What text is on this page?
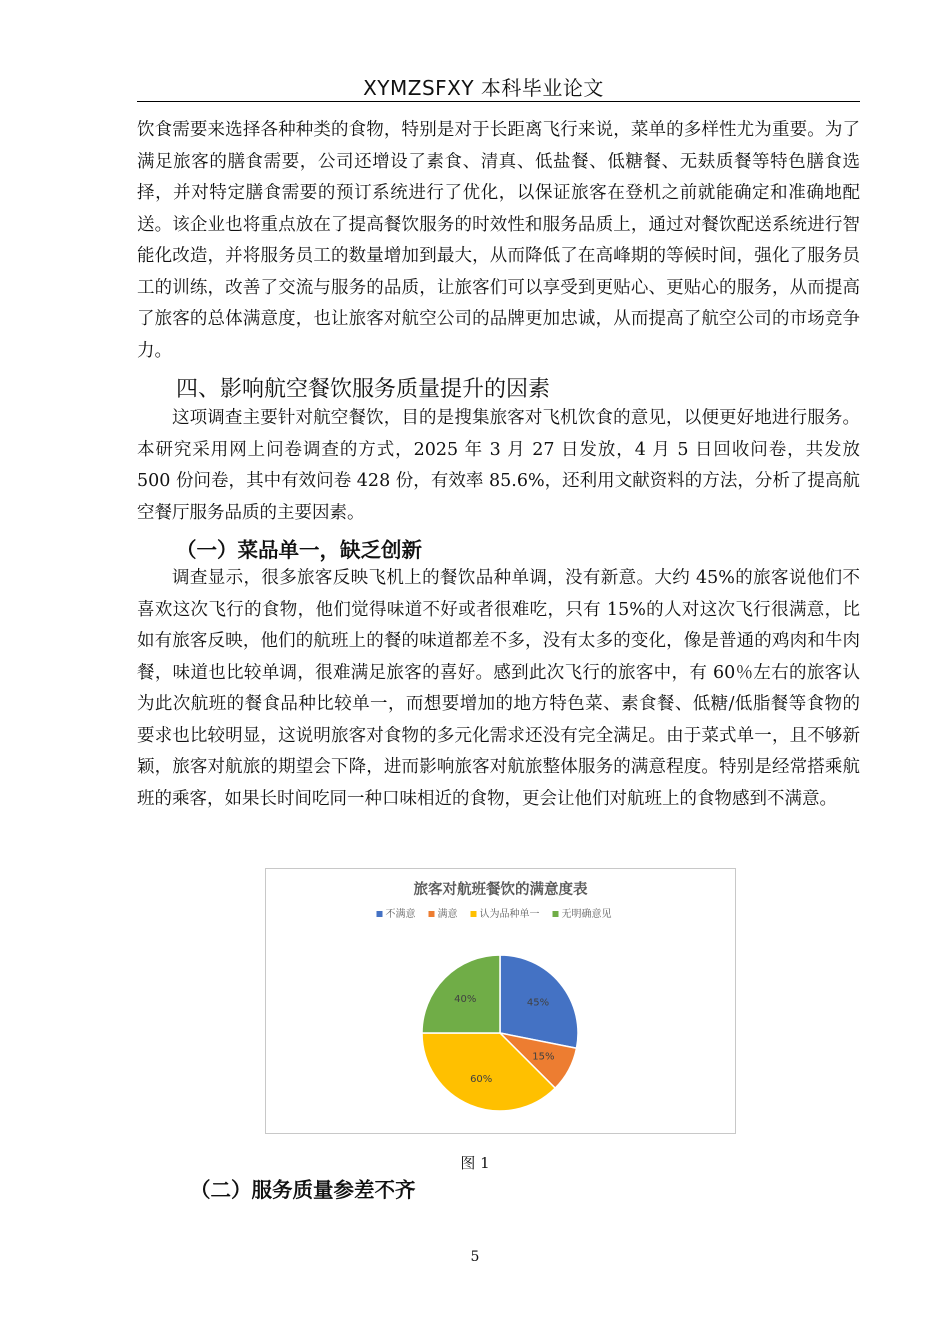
XYMZSFXY 本科毕业论文

饮食需要来选择各种种类的食物，特别是对于长距离飞行来说，菜单的多样性尤为重要。为了满足旅客的膳食需要，公司还增设了素食、清真、低盐餐、低糖餐、无麸质餐等特色膳食选择，并对特定膳食需要的预订系统进行了优化，以保证旅客在登机之前就能确定和准确地配送。该企业也将重点放在了提高餐饮服务的时效性和服务品质上，通过对餐饮配送系统进行智能化改造，并将服务员工的数量增加到最大，从而降低了在高峰期的等候时间，强化了服务员工的训练，改善了交流与服务的品质，让旅客们可以享受到更贴心、更贴心的服务，从而提高了旅客的总体满意度，也让旅客对航空公司的品牌更加忠诚，从而提高了航空公司的市场竞争力。

四、影响航空餐饮服务质量提升的因素

这项调查主要针对航空餐饮，目的是搜集旅客对飞机饮食的意见，以便更好地进行服务。本研究采用网上问卷调查的方式，2025 年 3 月 27 日发放，4 月 5 日回收问卷，共发放 500 份问卷，其中有效问卷 428 份，有效率 85.6%，还利用文献资料的方法，分析了提高航空餐厅服务品质的主要因素。

（一）菜品单一，缺乏创新

调查显示，很多旅客反映飞机上的餐饮品种单调，没有新意。大约 45%的旅客说他们不喜欢这次飞行的食物，他们觉得味道不好或者很难吃，只有 15%的人对这次飞行很满意，比如有旅客反映，他们的航班上的餐的味道都差不多，没有太多的变化，像是普通的鸡肉和牛肉餐，味道也比较单调，很难满足旅客的喜好。感到此次飞行的旅客中，有 60％左右的旅客认为此次航班的餐食品种比较单一，而想要增加的地方特色菜、素食餐、低糖/低脂餐等食物的要求也比较明显，这说明旅客对食物的多元化需求还没有完全满足。由于菜式单一，且不够新颖，旅客对航旅的期望会下降，进而影响旅客对航旅整体服务的满意程度。特别是经常搭乘航班的乘客，如果长时间吃同一种口味相近的食物，更会让他们对航班上的食物感到不满意。

旅客对航班餐饮的满意度表
不满意 满意 认为品种单一 无明确意见
45%
15%
60%
40%
图 1
（二）服务质量参差不齐
5
